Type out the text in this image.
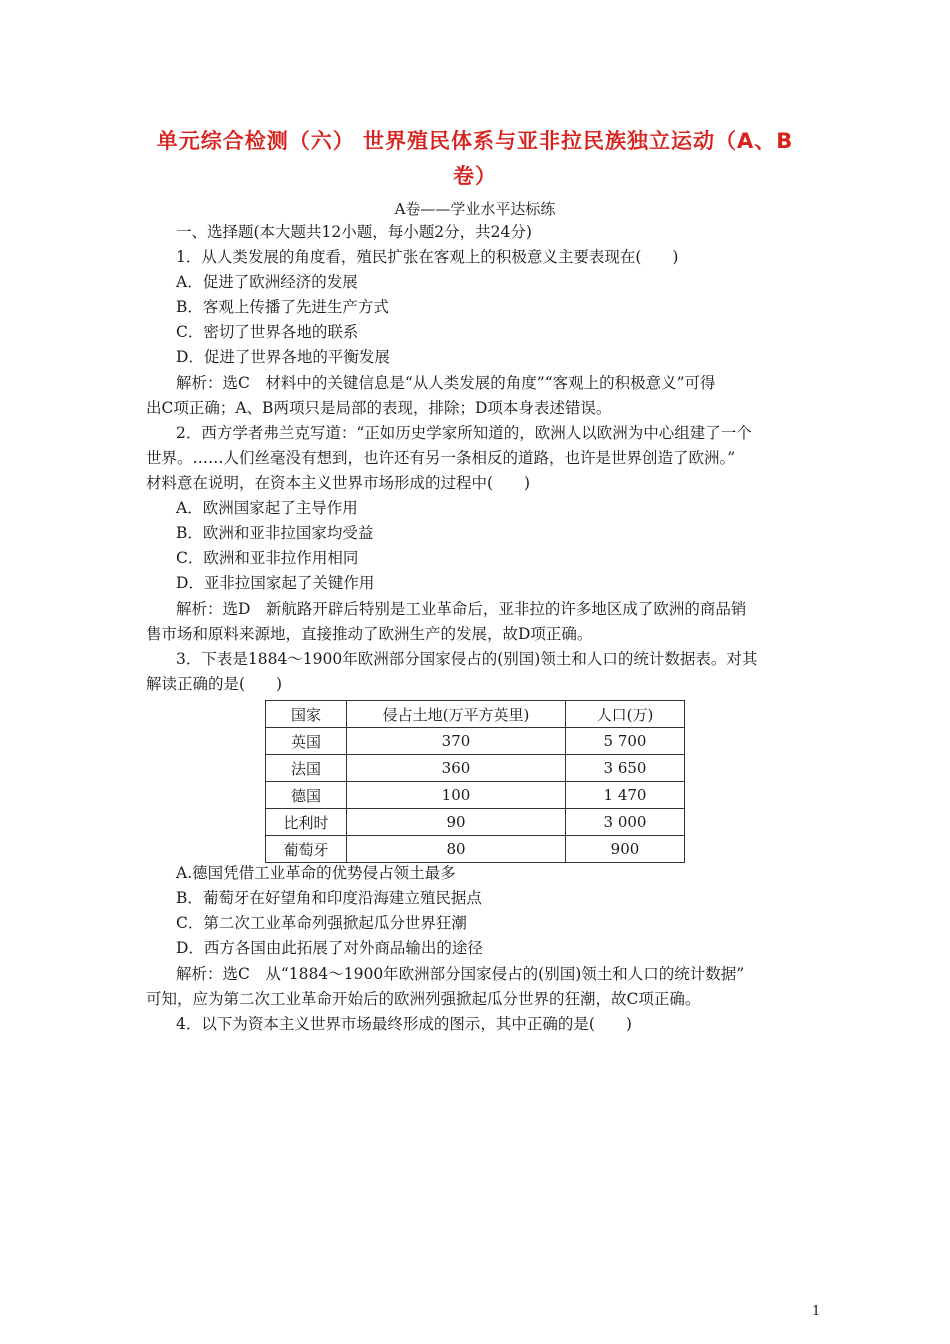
单元综合检测（六） 世界殖民体系与亚非拉民族独立运动（A、B
卷）
A卷——学业水平达标练
一、选择题(本大题共12小题，每小题2分，共24分)
1．从人类发展的角度看，殖民扩张在客观上的积极意义主要表现在(　　)
A．促进了欧洲经济的发展
B．客观上传播了先进生产方式
C．密切了世界各地的联系
D．促进了世界各地的平衡发展
解析：选C　材料中的关键信息是“从人类发展的角度”“客观上的积极意义”可得
出C项正确；A、B两项只是局部的表现，排除；D项本身表述错误。
2．西方学者弗兰克写道：“正如历史学家所知道的，欧洲人以欧洲为中心组建了一个
世界。……人们丝毫没有想到，也许还有另一条相反的道路，也许是世界创造了欧洲。”
材料意在说明，在资本主义世界市场形成的过程中(　　)
A．欧洲国家起了主导作用
B．欧洲和亚非拉国家均受益
C．欧洲和亚非拉作用相同
D．亚非拉国家起了关键作用
解析：选D　新航路开辟后特别是工业革命后，亚非拉的许多地区成了欧洲的商品销
售市场和原料来源地，直接推动了欧洲生产的发展，故D项正确。
3．下表是1884～1900年欧洲部分国家侵占的(别国)领土和人口的统计数据表。对其
解读正确的是(　　)
国家	侵占土地(万平方英里)	人口(万)
英国	370	5 700
法国	360	3 650
德国	100	1 470
比利时	90	3 000
葡萄牙	80	900
A.德国凭借工业革命的优势侵占领土最多
B．葡萄牙在好望角和印度沿海建立殖民据点
C．第二次工业革命列强掀起瓜分世界狂潮
D．西方各国由此拓展了对外商品输出的途径
解析：选C　从“1884～1900年欧洲部分国家侵占的(别国)领土和人口的统计数据”
可知，应为第二次工业革命开始后的欧洲列强掀起瓜分世界的狂潮，故C项正确。
4．以下为资本主义世界市场最终形成的图示，其中正确的是(　　)
1
